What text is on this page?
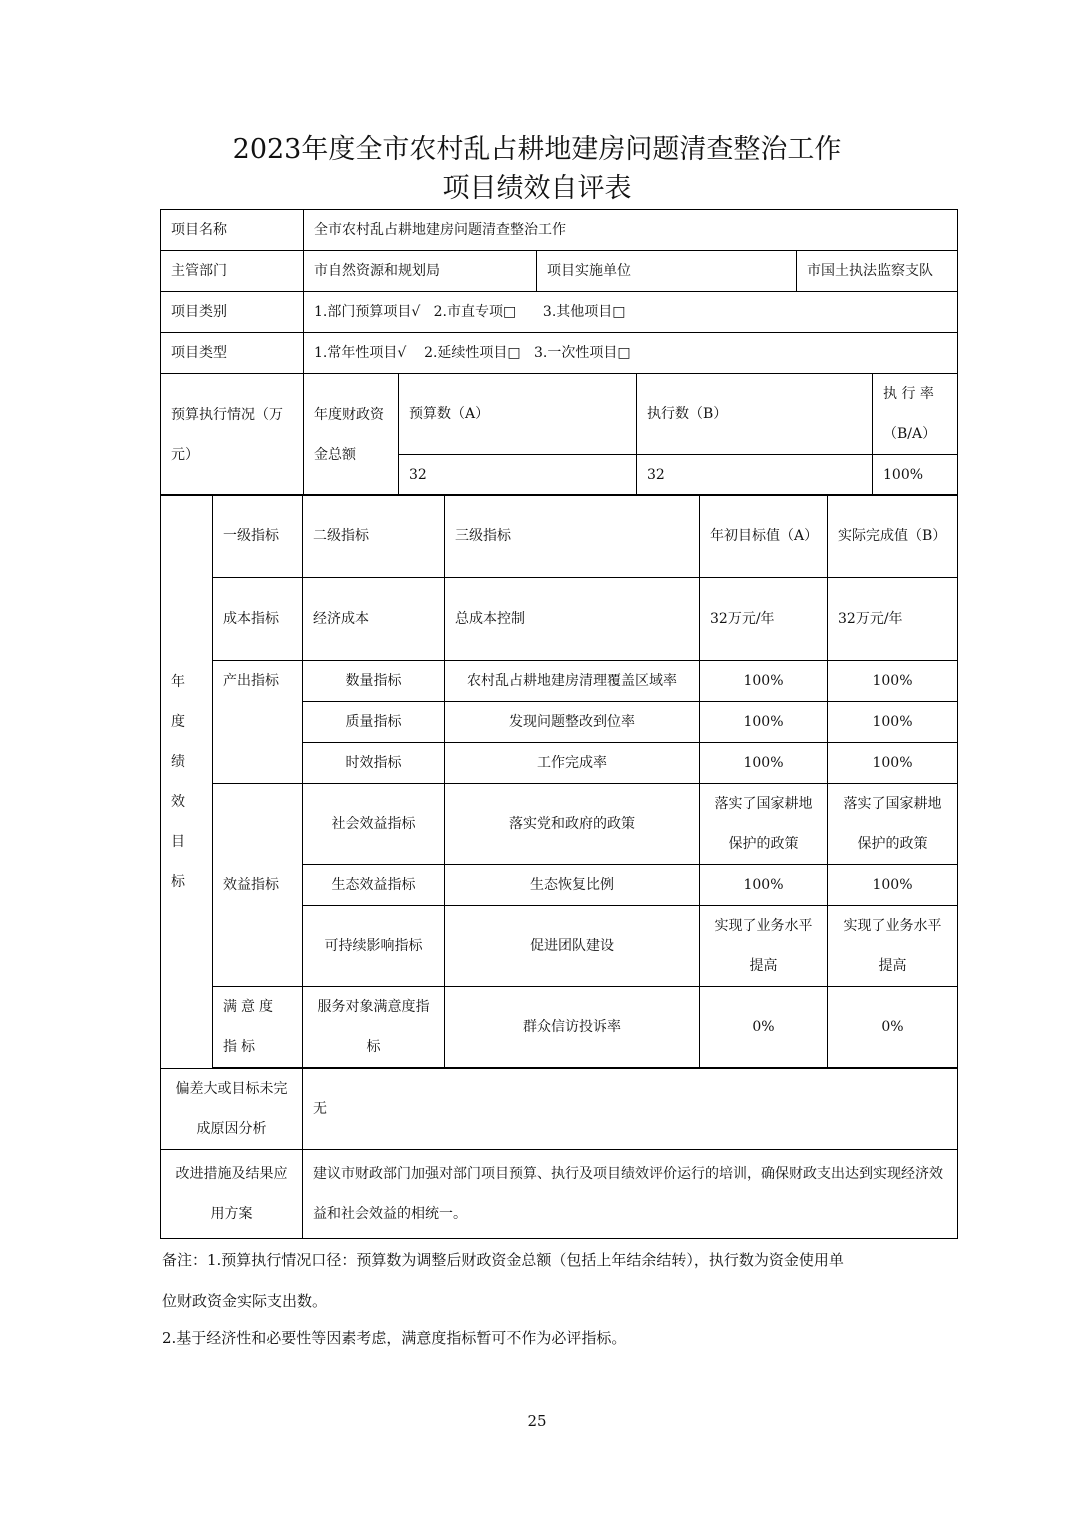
2023年度全市农村乱占耕地建房问题清查整治工作
项目绩效自评表
项目名称	全市农村乱占耕地建房问题清查整治工作					
主管部门	市自然资源和规划局		项目实施单位		市国土执法监察支队	
项目类别	1.部门预算项目√   2.市直专项□      3.其他项目□					
项目类型	1.常年性项目√    2.延续性项目□   3.一次性项目□					
预算执行情况（万元）	年度财政资金总额	预算数（A）		执行数（B）		执 行 率（B/A）
		32		32		100%
年度绩效目标	一级指标	二级指标	三级指标	年初目标值（A）	实际完成值（B）
	成本指标	经济成本	总成本控制	32万元/年	32万元/年
	产出指标	数量指标	农村乱占耕地建房清理覆盖区域率	100%	100%
		质量指标	发现问题整改到位率	100%	100%
		时效指标	工作完成率	100%	100%
	效益指标	社会效益指标	落实党和政府的政策	落实了国家耕地保护的政策	落实了国家耕地保护的政策
		生态效益指标	生态恢复比例	100%	100%
		可持续影响指标	促进团队建设	实现了业务水平提高	实现了业务水平提高
	满意度指标	服务对象满意度指标	群众信访投诉率	0%	0%

偏差大或目标未完成原因分析		无			
改进措施及结果应用方案		建议市财政部门加强对部门项目预算、执行及项目绩效评价运行的培训，确保财政支出达到实现经济效益和社会效益的相统一。			
备注：1.预算执行情况口径：预算数为调整后财政资金总额（包括上年结余结转），执行数为资金使用单
位财政资金实际支出数。
2.基于经济性和必要性等因素考虑，满意度指标暂可不作为必评指标。
25
